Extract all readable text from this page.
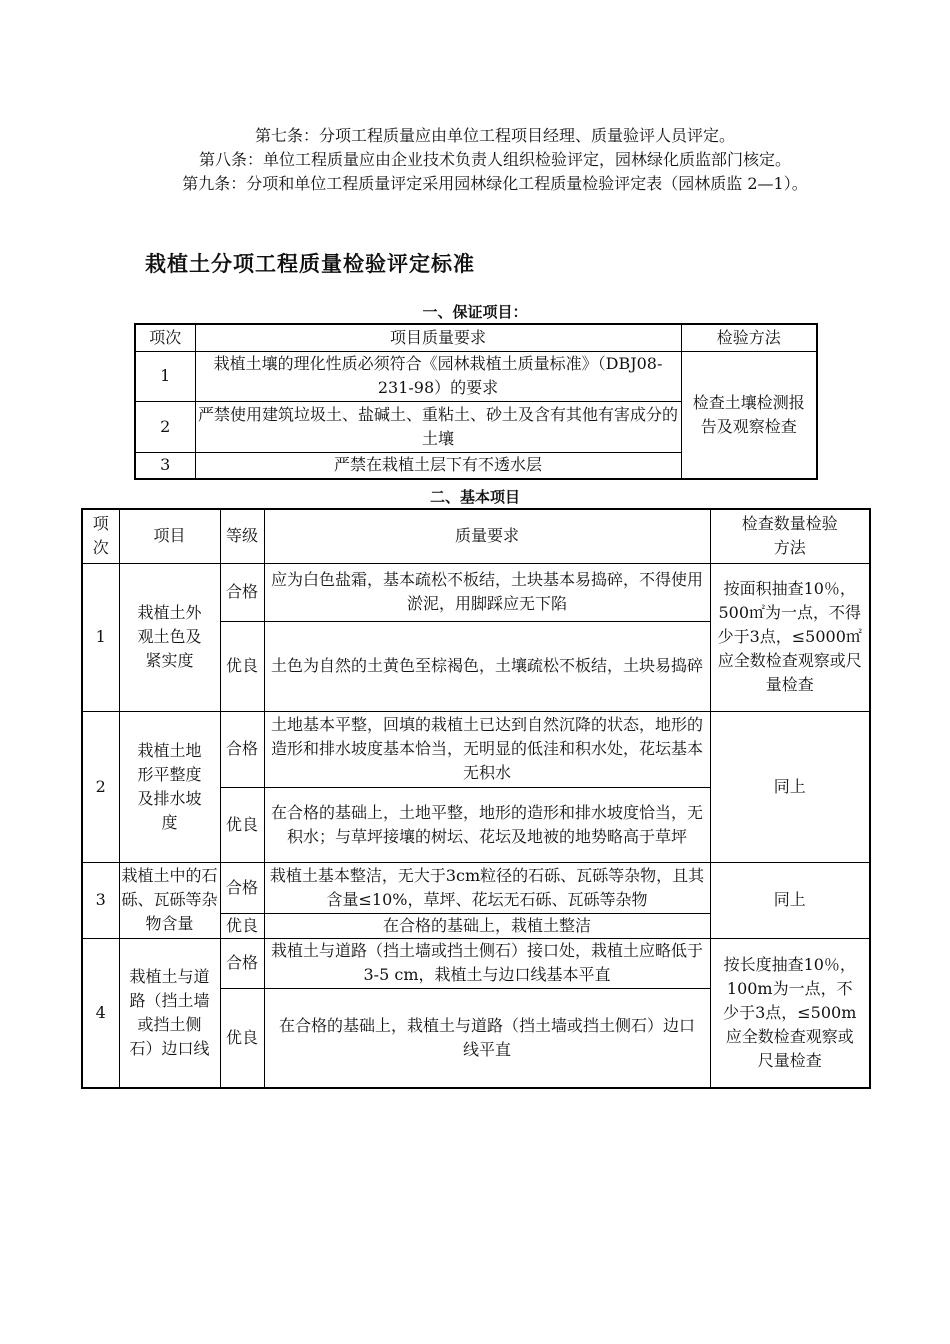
第七条：分项工程质量应由单位工程项目经理、质量验评人员评定。

第八条：单位工程质量应由企业技术负责人组织检验评定，园林绿化质监部门核定。

第九条：分项和单位工程质量评定采用园林绿化工程质量检验评定表（园林质监 2—1）。

栽植土分项工程质量检验评定标准
一、保证项目：
项次	项目质量要求	检验方法
1	栽植土壤的理化性质必须符合《园林栽植土质量标准》（DBJ08-231-98）的要求	检查土壤检测报告及观察检查
2	严禁使用建筑垃圾土、盐碱土、重粘土、砂土及含有其他有害成分的土壤	
3	严禁在栽植土层下有不透水层	
二、基本项目
项次	项目	等级	质量要求	检查数量检验方法
1	栽植土外观土色及紧实度	合格	应为白色盐霜，基本疏松不板结，土块基本易捣碎，不得使用淤泥，用脚踩应无下陷	按面积抽查10％，500㎡为一点，不得少于3点，≤5000㎡应全数检查观察或尺量检查
		优良	土色为自然的土黄色至棕褐色，土壤疏松不板结，土块易捣碎	
2	栽植土地形平整度及排水坡度	合格	土地基本平整，回填的栽植土已达到自然沉降的状态，地形的造形和排水坡度基本恰当，无明显的低洼和积水处，花坛基本无积水	同上
		优良	在合格的基础上，土地平整，地形的造形和排水坡度恰当，无积水；与草坪接壤的树坛、花坛及地被的地势略高于草坪	
3	栽植土中的石砾、瓦砾等杂物含量	合格	栽植土基本整洁，无大于3cm粒径的石砾、瓦砾等杂物，且其含量≤10%，草坪、花坛无石砾、瓦砾等杂物	同上
		优良	在合格的基础上，栽植土整洁	
4	栽植土与道路（挡土墙或挡土侧石）边口线	合格	栽植土与道路（挡土墙或挡土侧石）接口处，栽植土应略低于3-5 cm，栽植土与边口线基本平直	按长度抽查10％，100m为一点，不少于3点，≤500m应全数检查观察或尺量检查
		优良	在合格的基础上，栽植土与道路（挡土墙或挡土侧石）边口线平直	
